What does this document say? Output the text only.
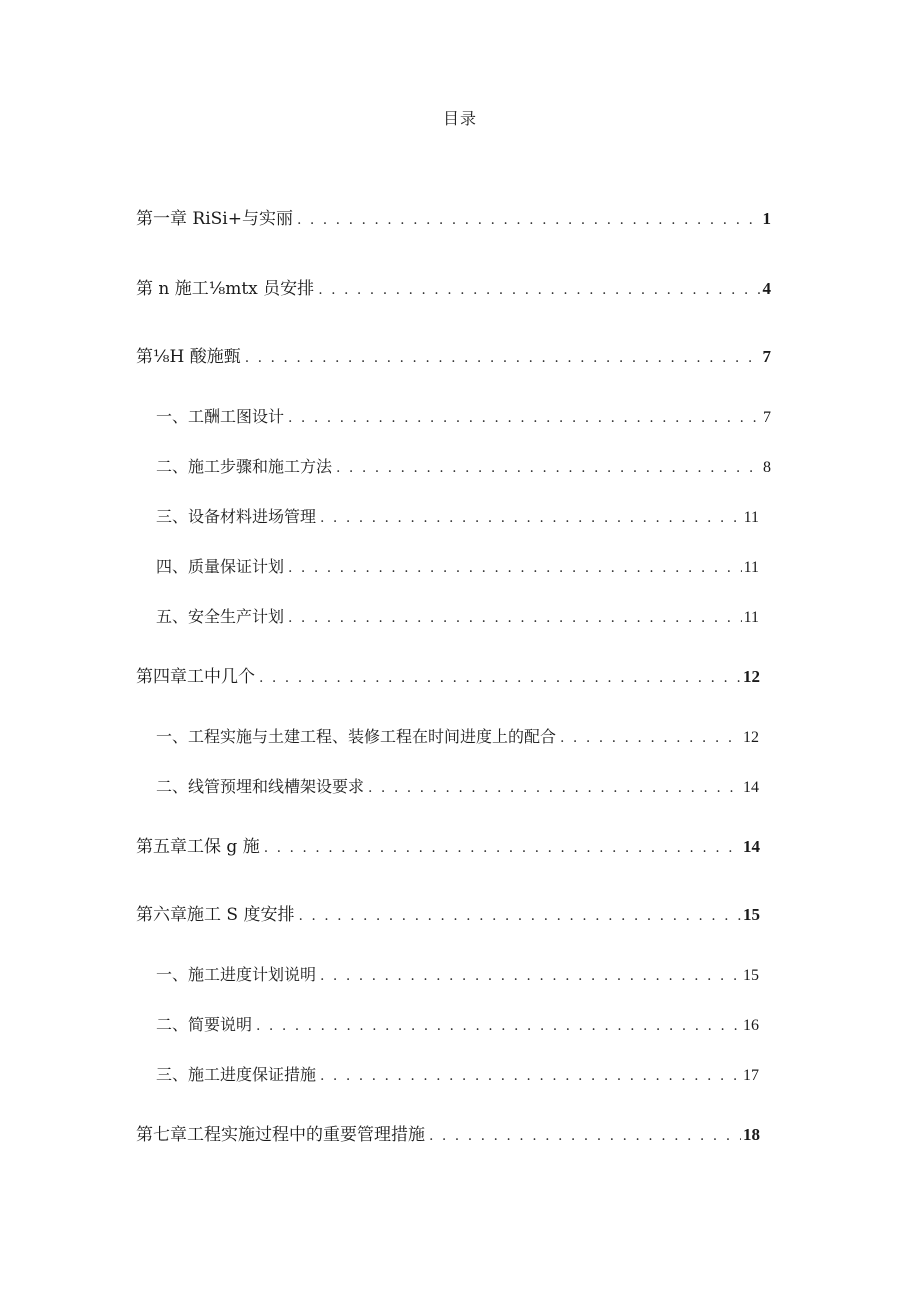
目录
第一章 RiSi+与实丽 . . .	1
第 n 施工⅛mtx 员安排 . . .	4
第⅛H 酸施甄 . . .	7
一、工酬工图设计 . . .	7
二、施工步骤和施工方法 . . .	8
三、设备材料进场管理 . . .	11
四、质量保证计划 . . .	11
五、安全生产计划 . . .	11
第四章工中几个 . . .	12
一、工程实施与土建工程、装修工程在时间进度上的配合 . . .	12
二、线管预埋和线槽架设要求 . . .	14
第五章工保 g 施 . . .	14
第六章施工 S 度安排 . . .	15
一、施工进度计划说明 . . .	15
二、简要说明 . . .	16
三、施工进度保证措施 . . .	17
第七章工程实施过程中的重要管理措施 . . .	18
